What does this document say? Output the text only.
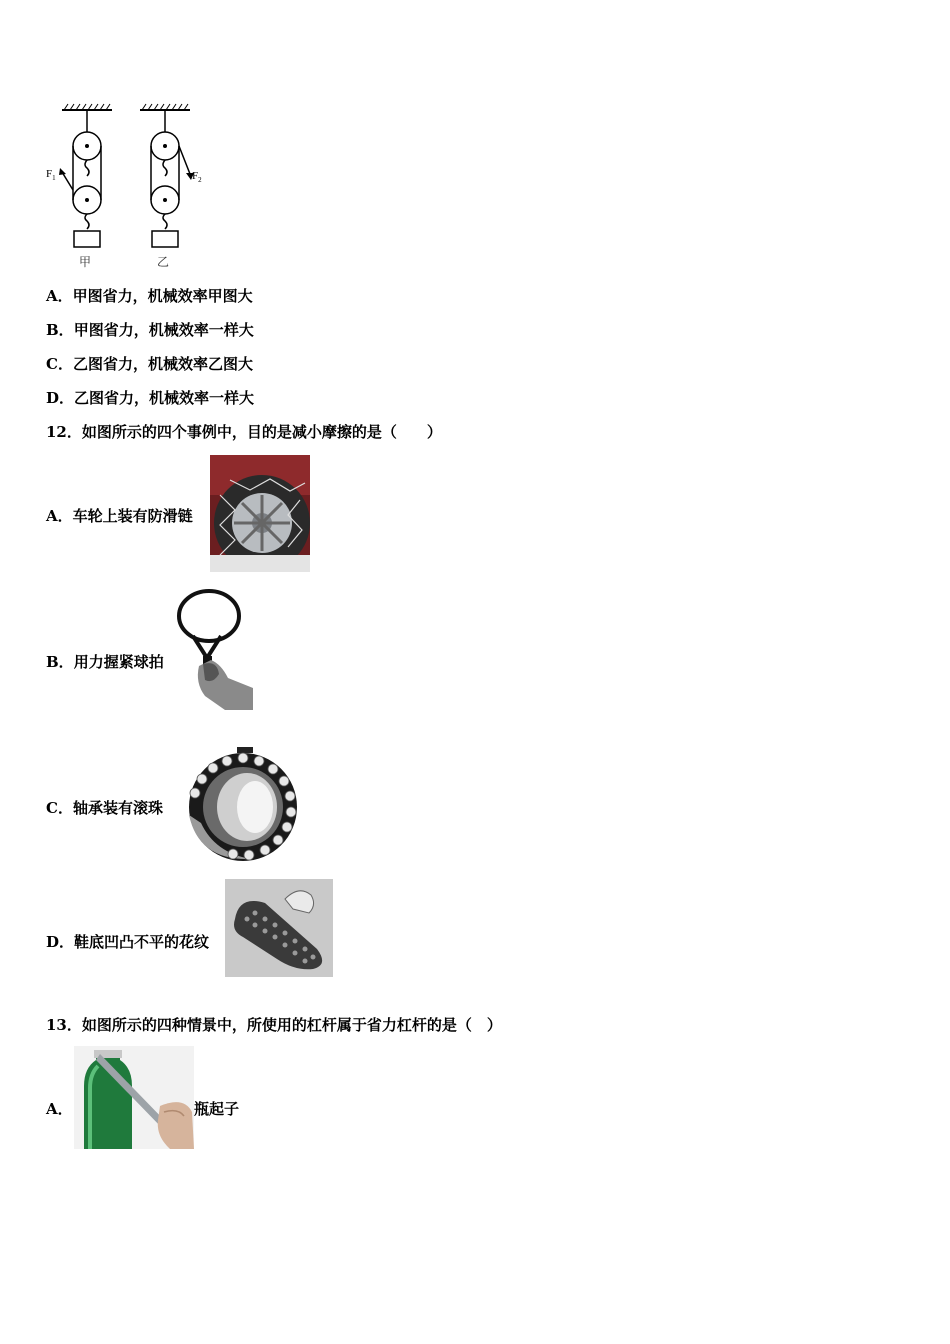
$F_1$	$F_2$
甲	乙
A．甲图省力，机械效率甲图大
B．甲图省力，机械效率一样大
C．乙图省力，机械效率乙图大
D．乙图省力，机械效率一样大
12．如图所示的四个事例中，目的是减小摩擦的是（　　）
A．车轮上装有防滑链
B．用力握紧球拍
C．轴承装有滚珠
D．鞋底凹凸不平的花纹
13．如图所示的四种情景中，所使用的杠杆属于省力杠杆的是（　）
A．	瓶起子
